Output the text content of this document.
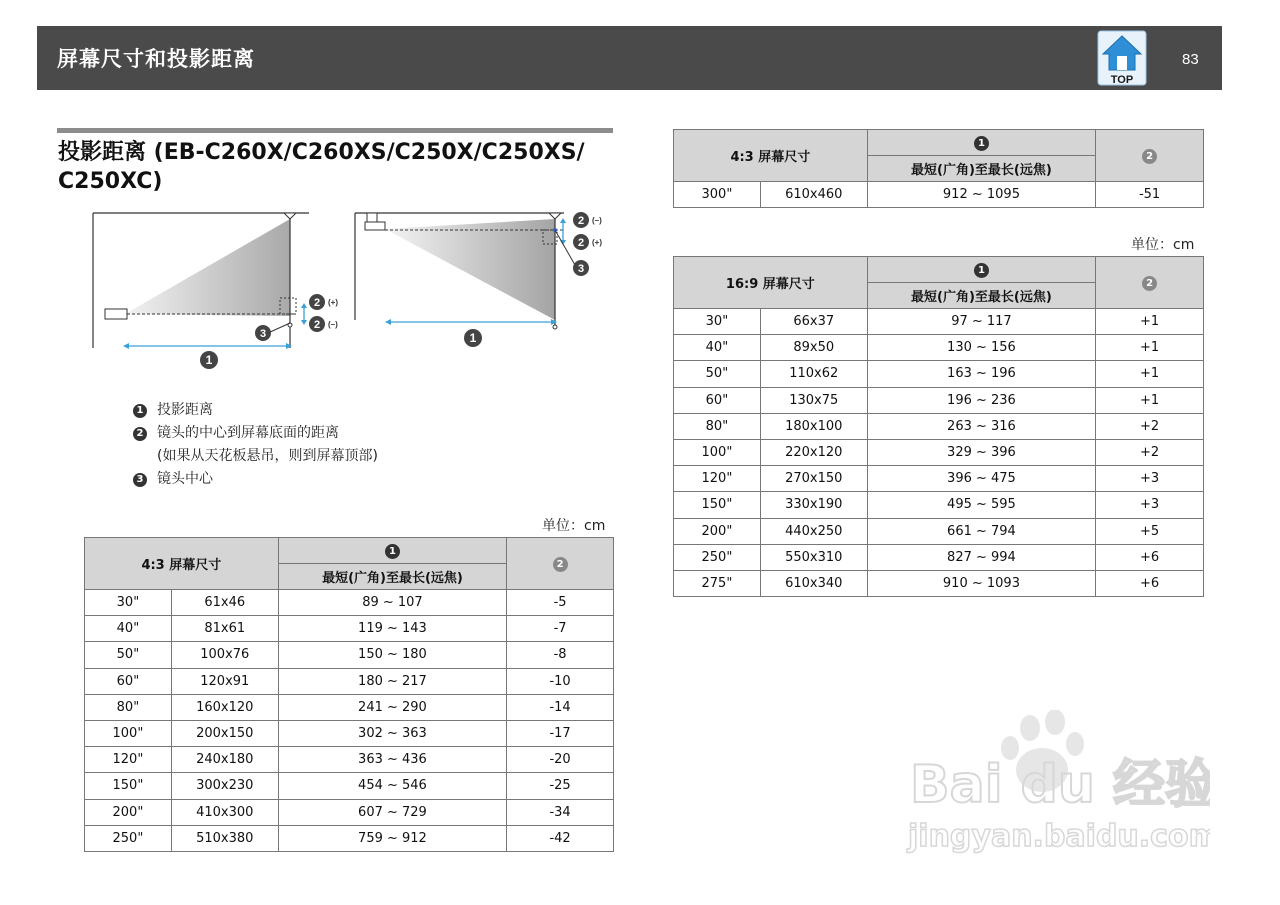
屏幕尺寸和投影距离
TOP
83
投影距离 (EB-C260X/C260XS/C250X/C250XS/
C250XC)
2 (+)
2 (–)
3
1
2 (–)
2 (+)
3
1
1 投影距离
2 镜头的中心到屏幕底面的距离
(如果从天花板悬吊，则到屏幕顶部)
3 镜头中心
单位：cm
单位：cm
4:3 屏幕尺寸		1	2
		最短(广角)至最长(远焦)	
30"	61x46	89 ~ 107	-5
40"	81x61	119 ~ 143	-7
50"	100x76	150 ~ 180	-8
60"	120x91	180 ~ 217	-10
80"	160x120	241 ~ 290	-14
100"	200x150	302 ~ 363	-17
120"	240x180	363 ~ 436	-20
150"	300x230	454 ~ 546	-25
200"	410x300	607 ~ 729	-34
250"	510x380	759 ~ 912	-42
4:3 屏幕尺寸		1	2
		最短(广角)至最长(远焦)	
300"	610x460	912 ~ 1095	-51
16:9 屏幕尺寸		1	2
		最短(广角)至最长(远焦)	
30"	66x37	97 ~ 117	+1
40"	89x50	130 ~ 156	+1
50"	110x62	163 ~ 196	+1
60"	130x75	196 ~ 236	+1
80"	180x100	263 ~ 316	+2
100"	220x120	329 ~ 396	+2
120"	270x150	396 ~ 475	+3
150"	330x190	495 ~ 595	+3
200"	440x250	661 ~ 794	+5
250"	550x310	827 ~ 994	+6
275"	610x340	910 ~ 1093	+6
Bai du 经验
jingyan.baidu.com
